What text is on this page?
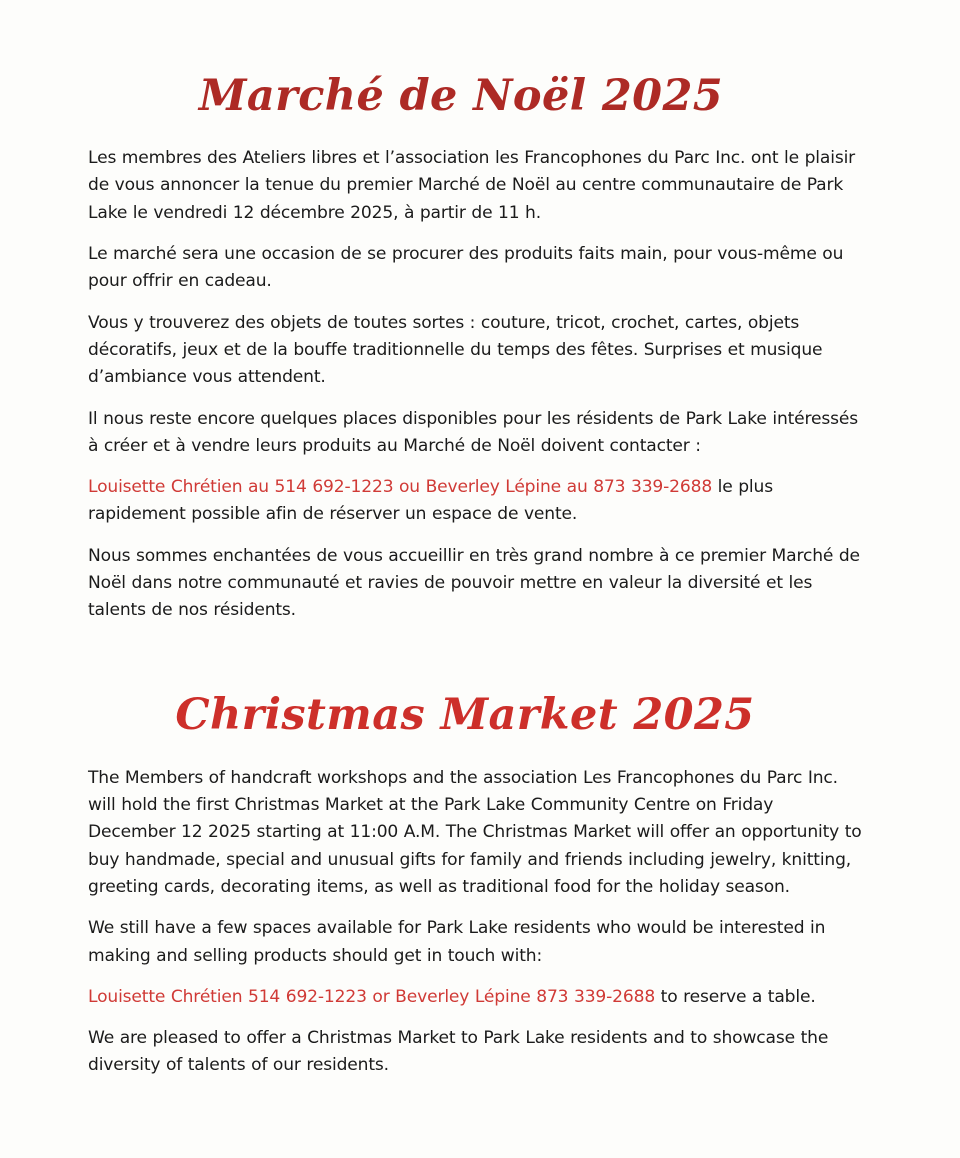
Marché de Noël 2025

Les membres des Ateliers libres et l’association les Francophones du Parc Inc. ont le plaisir de vous annoncer la tenue du premier Marché de Noël au centre communautaire de Park Lake le vendredi 12 décembre 2025, à partir de 11 h.

Le marché sera une occasion de se procurer des produits faits main, pour vous-même ou pour offrir en cadeau.

Vous y trouverez des objets de toutes sortes : couture, tricot, crochet, cartes, objets décoratifs, jeux et de la bouffe traditionnelle du temps des fêtes. Surprises et musique d’ambiance vous attendent.

Il nous reste encore quelques places disponibles pour les résidents de Park Lake intéressés à créer et à vendre leurs produits au Marché de Noël doivent contacter :

Louisette Chrétien au 514 692-1223 ou Beverley Lépine au 873 339-2688 le plus rapidement possible afin de réserver un espace de vente.

Nous sommes enchantées de vous accueillir en très grand nombre à ce premier Marché de Noël dans notre communauté et ravies de pouvoir mettre en valeur la diversité et les talents de nos résidents.

Christmas Market 2025

The Members of handcraft workshops and the association Les Francophones du Parc Inc. will hold the first Christmas Market at the Park Lake Community Centre on Friday December 12 2025 starting at 11:00 A.M. The Christmas Market will offer an opportunity to buy handmade, special and unusual gifts for family and friends including jewelry, knitting, greeting cards, decorating items, as well as traditional food for the holiday season.

We still have a few spaces available for Park Lake residents who would be interested in making and selling products should get in touch with:

Louisette Chrétien 514 692-1223 or Beverley Lépine 873 339-2688 to reserve a table.

We are pleased to offer a Christmas Market to Park Lake residents and to showcase the diversity of talents of our residents.
